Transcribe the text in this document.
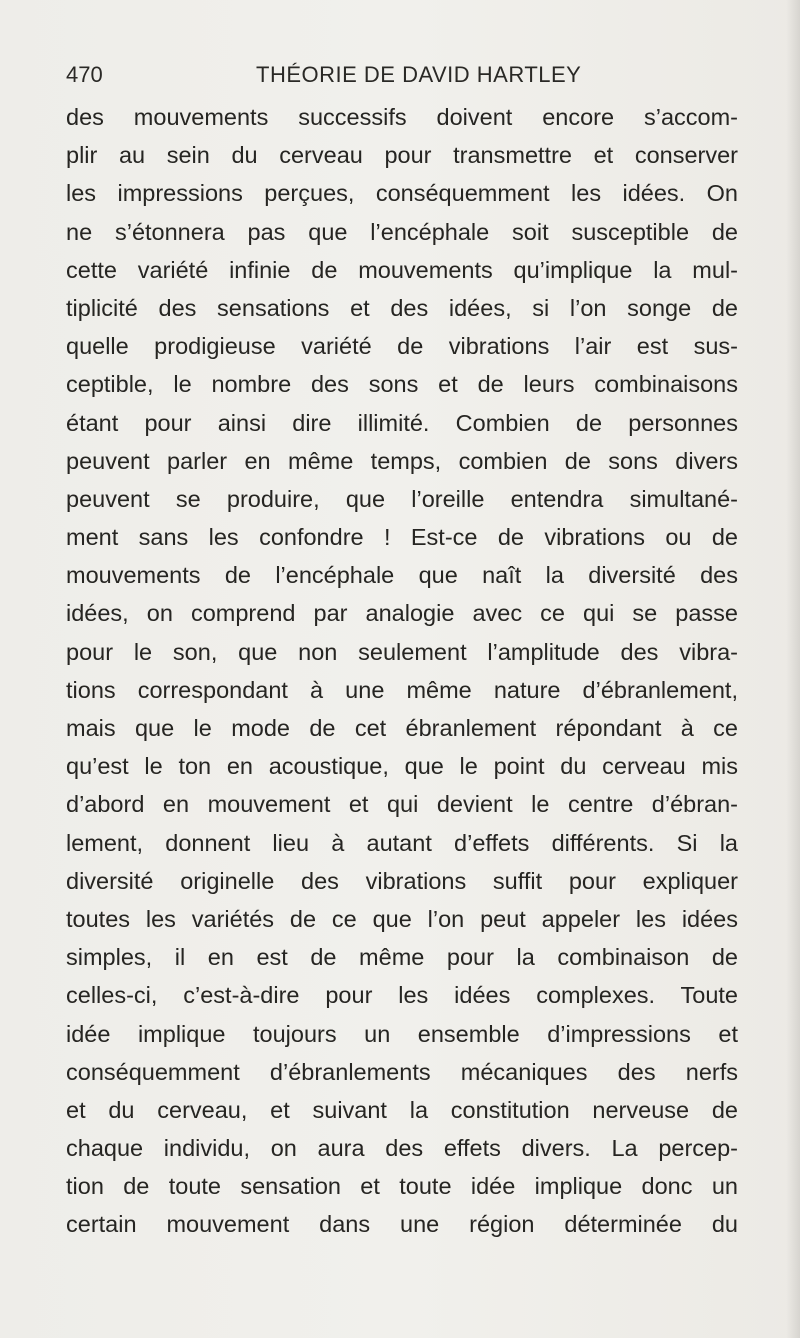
470	THÉORIE DE DAVID HARTLEY
des mouvements successifs doivent encore s’accom-
plir au sein du cerveau pour transmettre et conserver
les impressions perçues, conséquemment les idées. On
ne s’étonnera pas que l’encéphale soit susceptible de
cette variété infinie de mouvements qu’implique la mul-
tiplicité des sensations et des idées, si l’on songe de
quelle prodigieuse variété de vibrations l’air est sus-
ceptible, le nombre des sons et de leurs combinaisons
étant pour ainsi dire illimité. Combien de personnes
peuvent parler en même temps, combien de sons divers
peuvent se produire, que l’oreille entendra simultané-
ment sans les confondre ! Est-ce de vibrations ou de
mouvements de l’encéphale que naît la diversité des
idées, on comprend par analogie avec ce qui se passe
pour le son, que non seulement l’amplitude des vibra-
tions correspondant à une même nature d’ébranlement,
mais que le mode de cet ébranlement répondant à ce
qu’est le ton en acoustique, que le point du cerveau mis
d’abord en mouvement et qui devient le centre d’ébran-
lement, donnent lieu à autant d’effets différents. Si la
diversité originelle des vibrations suffit pour expliquer
toutes les variétés de ce que l’on peut appeler les idées
simples, il en est de même pour la combinaison de
celles-ci, c’est-à-dire pour les idées complexes. Toute
idée implique toujours un ensemble d’impressions et
conséquemment d’ébranlements mécaniques des nerfs
et du cerveau, et suivant la constitution nerveuse de
chaque individu, on aura des effets divers. La percep-
tion de toute sensation et toute idée implique donc un
certain mouvement dans une région déterminée du
